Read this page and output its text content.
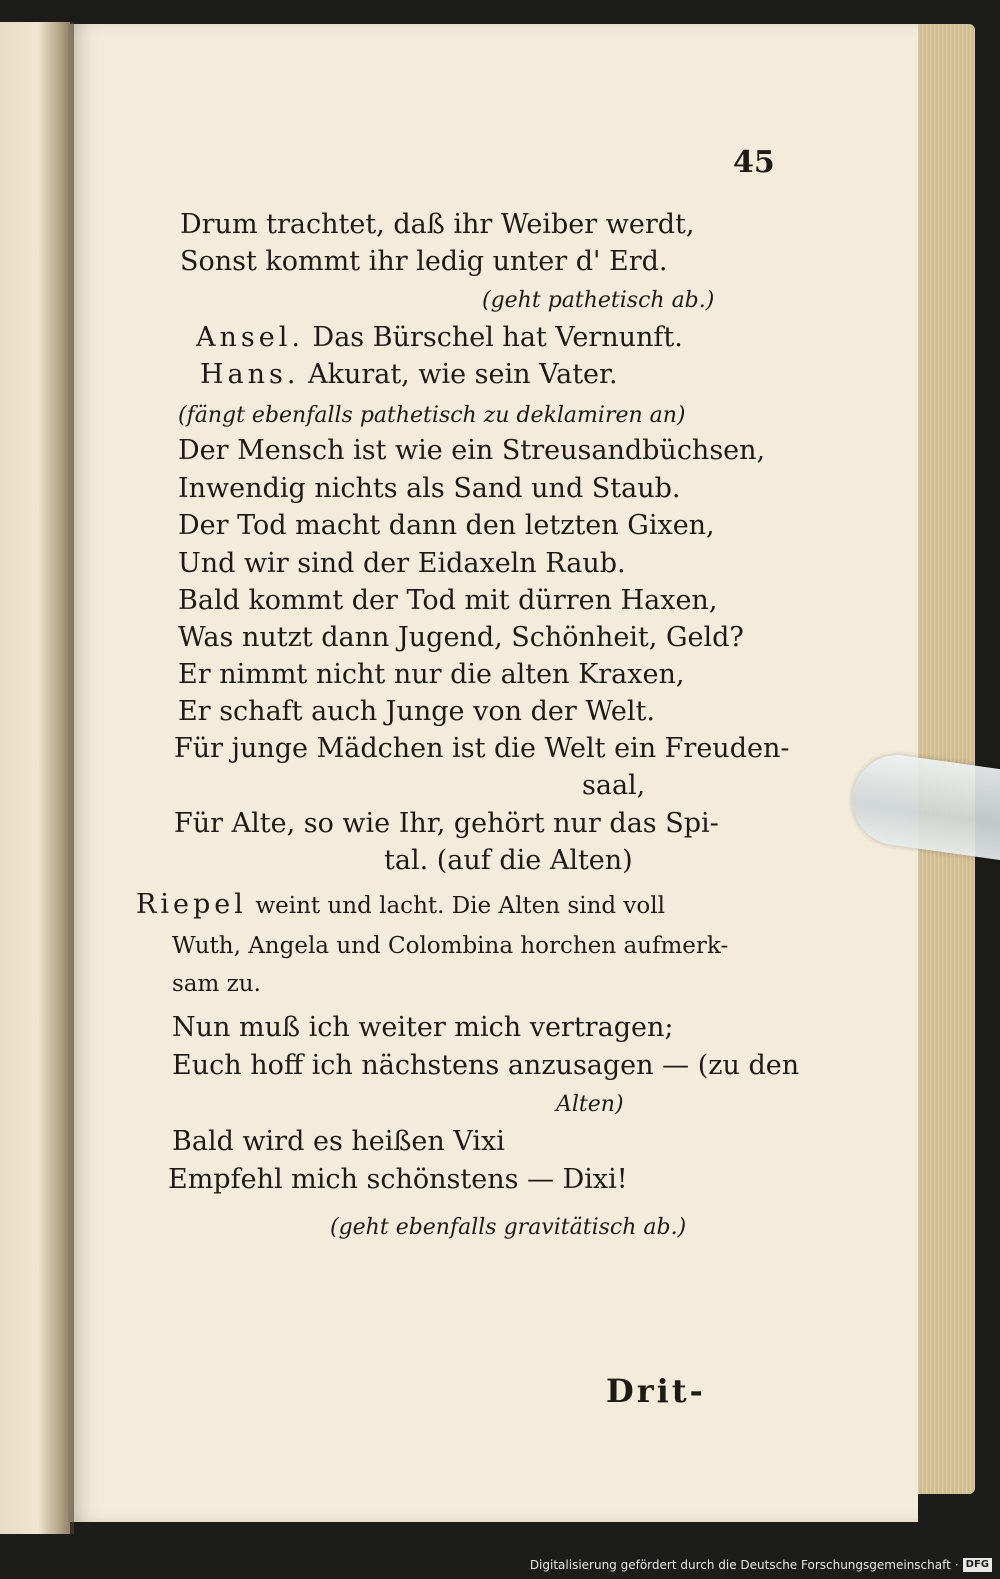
45
Drum trachtet, daß ihr Weiber werdt,
Sonst kommt ihr ledig unter d' Erd.
(geht pathetisch ab.)
Ansel. Das Bürschel hat Vernunft.
Hans. Akurat, wie sein Vater.
(fängt ebenfalls pathetisch zu deklamiren an)
Der Mensch ist wie ein Streusandbüchsen,
Inwendig nichts als Sand und Staub.
Der Tod macht dann den letzten Gixen,
Und wir sind der Eidaxeln Raub.
Bald kommt der Tod mit dürren Haxen,
Was nutzt dann Jugend, Schönheit, Geld?
Er nimmt nicht nur die alten Kraxen,
Er schaft auch Junge von der Welt.
Für junge Mädchen ist die Welt ein Freuden-
saal,
Für Alte, so wie Ihr, gehört nur das Spi-
tal. (auf die Alten)
Riepel weint und lacht. Die Alten sind voll
Wuth, Angela und Colombina horchen aufmerk-
sam zu.
Nun muß ich weiter mich vertragen;
Euch hoff ich nächstens anzusagen — (zu den
Alten)
Bald wird es heißen Vixi
Empfehl mich schönstens — Dixi!
(geht ebenfalls gravitätisch ab.)
Drit-
Digitalisierung gefördert durch die Deutsche Forschungsgemeinschaft · DFG
